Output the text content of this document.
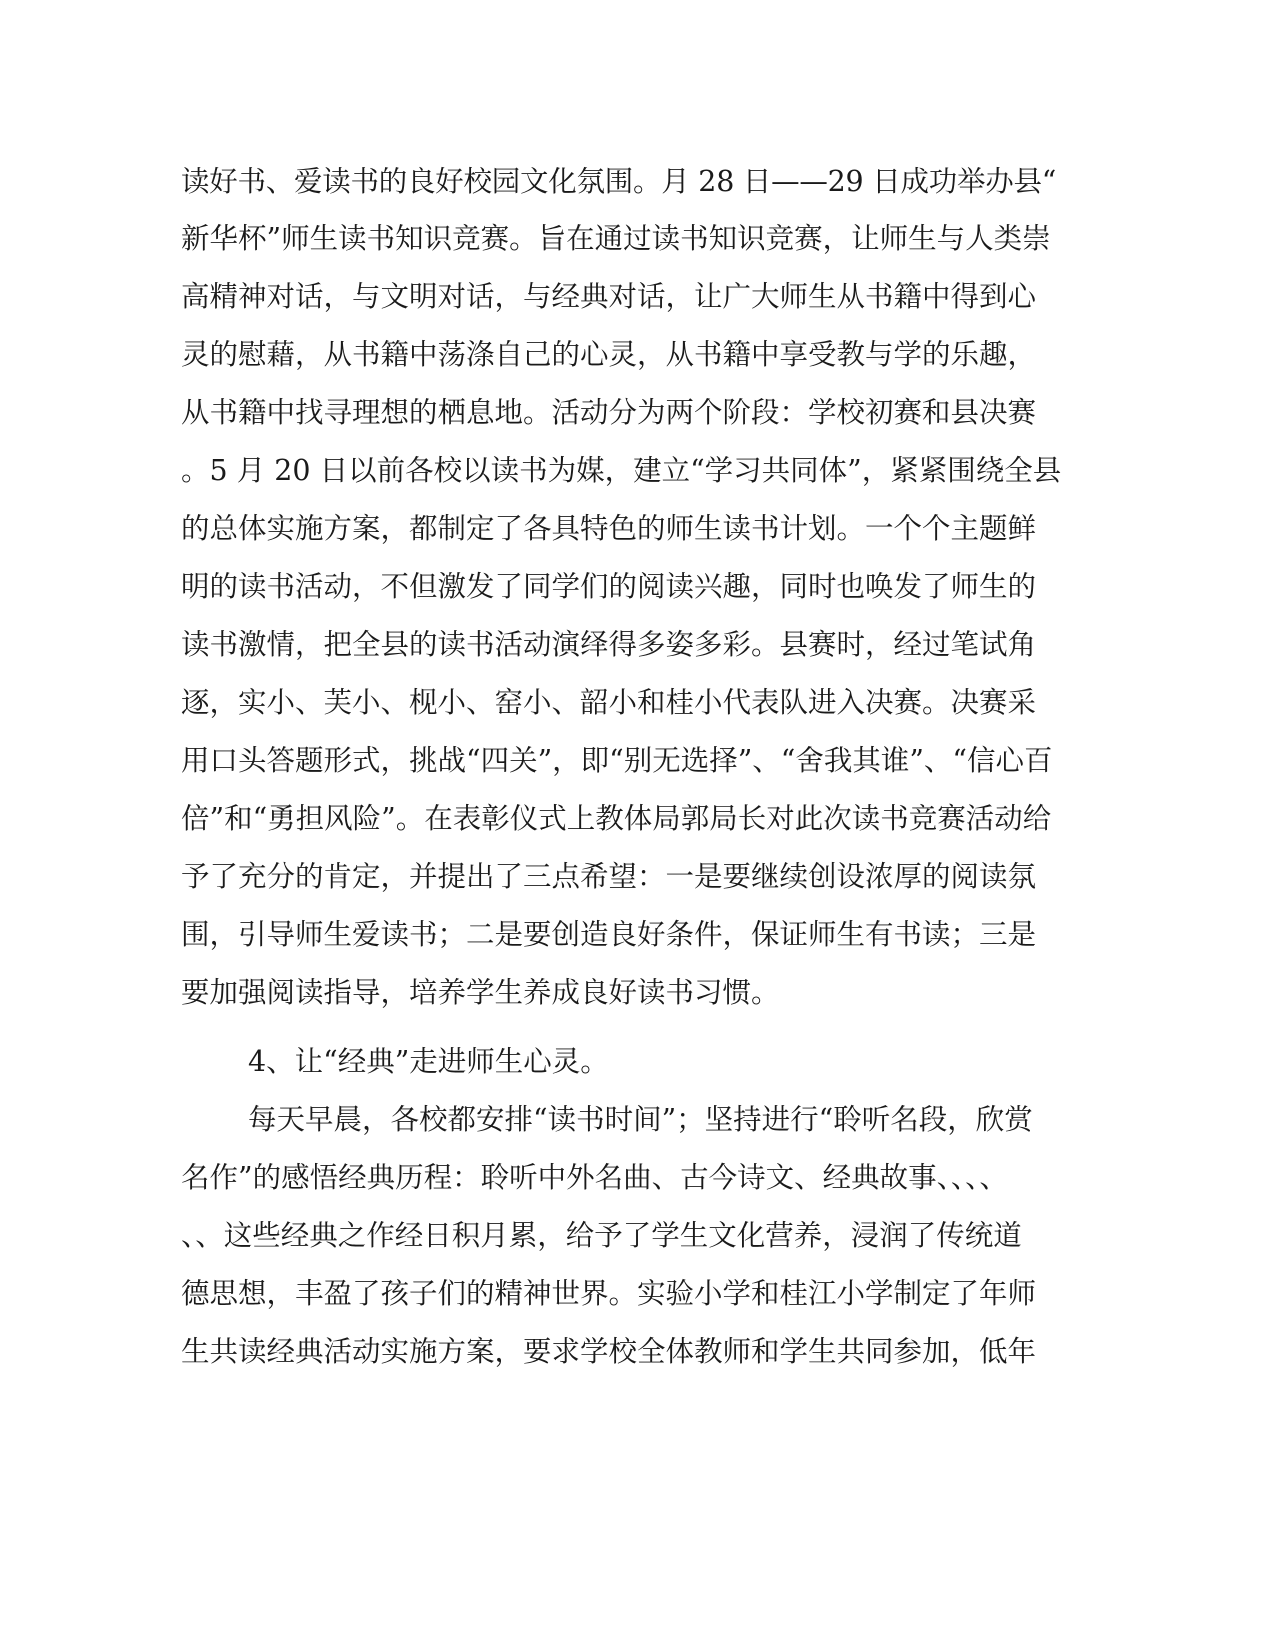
读好书、爱读书的良好校园文化氛围。月 28 日——29 日成功举办县“
新华杯”师生读书知识竞赛。旨在通过读书知识竞赛，让师生与人类崇
高精神对话，与文明对话，与经典对话，让广大师生从书籍中得到心
灵的慰藉，从书籍中荡涤自己的心灵，从书籍中享受教与学的乐趣，
从书籍中找寻理想的栖息地。活动分为两个阶段：学校初赛和县决赛
。5 月 20 日以前各校以读书为媒，建立“学习共同体”，紧紧围绕全县
的总体实施方案，都制定了各具特色的师生读书计划。一个个主题鲜
明的读书活动，不但激发了同学们的阅读兴趣，同时也唤发了师生的
读书激情，把全县的读书活动演绎得多姿多彩。县赛时，经过笔试角
逐，实小、芙小、枧小、窑小、韶小和桂小代表队进入决赛。决赛采
用口头答题形式，挑战“四关”，即“别无选择”、“舍我其谁”、“信心百
倍”和“勇担风险”。在表彰仪式上教体局郭局长对此次读书竞赛活动给
予了充分的肯定，并提出了三点希望：一是要继续创设浓厚的阅读氛
围，引导师生爱读书；二是要创造良好条件，保证师生有书读；三是
要加强阅读指导，培养学生养成良好读书习惯。
4、让“经典”走进师生心灵。
每天早晨，各校都安排“读书时间”；坚持进行“聆听名段，欣赏
名作”的感悟经典历程：聆听中外名曲、古今诗文、经典故事、、、、
、、这些经典之作经日积月累，给予了学生文化营养，浸润了传统道
德思想，丰盈了孩子们的精神世界。实验小学和桂江小学制定了年师
生共读经典活动实施方案，要求学校全体教师和学生共同参加，低年
